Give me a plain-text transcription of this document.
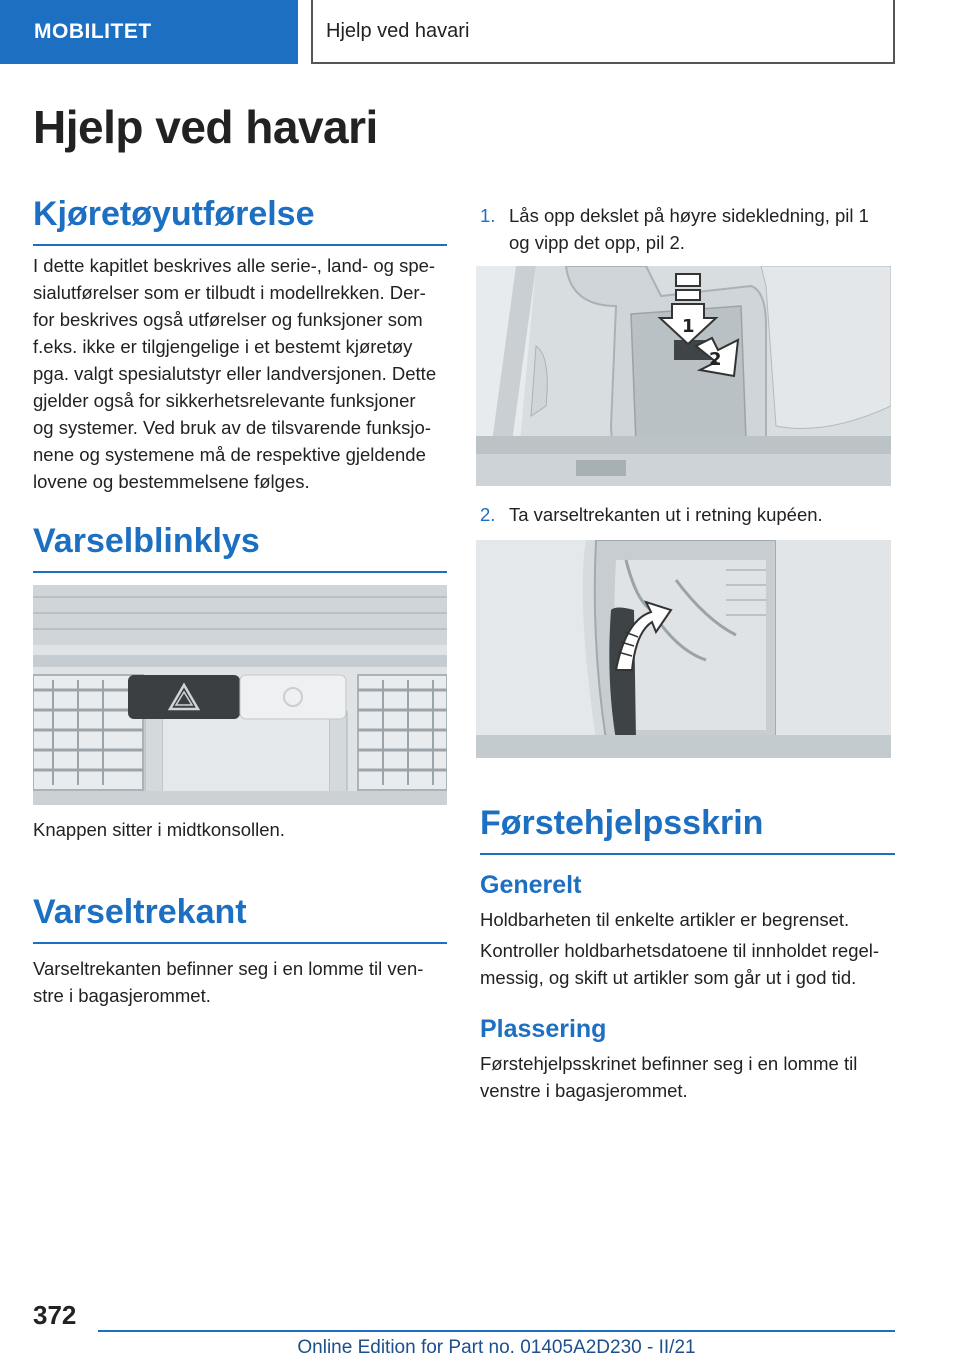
MOBILITET	Hjelp ved havari
Hjelp ved havari
Kjøretøyutførelse
I dette kapitlet beskrives alle serie-, land- og spe-
sialutførelser som er tilbudt i modellrekken. Der-
for beskrives også utførelser og funksjoner som
f.eks. ikke er tilgjengelige i et bestemt kjøretøy
pga. valgt spesialutstyr eller landversjonen. Dette
gjelder også for sikkerhetsrelevante funksjoner
og systemer. Ved bruk av de tilsvarende funksjo-
nene og systemene må de respektive gjeldende
lovene og bestemmelsene følges.
Varselblinklys
Knappen sitter i midtkonsollen.
Varseltrekant
Varseltrekanten befinner seg i en lomme til ven-
stre i bagasjerommet.
1. Lås opp dekslet på høyre sidekledning, pil 1
og vipp det opp, pil 2.
1
2
2. Ta varseltrekanten ut i retning kupéen.
Førstehjelpsskrin
Generelt
Holdbarheten til enkelte artikler er begrenset.
Kontroller holdbarhetsdatoene til innholdet regel-
messig, og skift ut artikler som går ut i god tid.
Plassering
Førstehjelpsskrinet befinner seg i en lomme til
venstre i bagasjerommet.
372
Online Edition for Part no. 01405A2D230 - II/21
